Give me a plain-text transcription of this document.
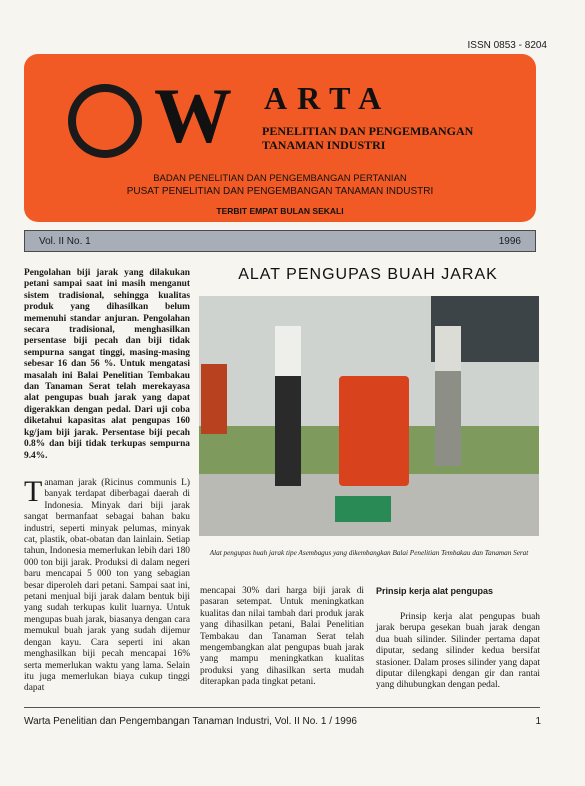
ISSN 0853 - 8204
W ARTA
PENELITIAN DAN PENGEMBANGAN
TANAMAN INDUSTRI
BADAN PENELITIAN DAN PENGEMBANGAN PERTANIAN
PUSAT PENELITIAN DAN PENGEMBANGAN TANAMAN INDUSTRI
TERBIT EMPAT BULAN SEKALI
Vol. II No. 1	1996
Pengolahan biji jarak yang dilakukan petani sampai saat ini masih menganut sistem tradisional, sehingga kualitas produk yang dihasilkan belum memenuhi standar anjuran. Pengolahan secara tradisional, menghasilkan persentase biji pecah dan biji tidak sempurna sangat tinggi, masing-masing sebesar 16 dan 56 %. Untuk mengatasi masalah ini Balai Penelitian Tembakau dan Tanaman Serat telah merekayasa alat pengupas buah jarak yang dapat digerakkan dengan pedal. Dari uji coba diketahui kapasitas alat pengupas 160 kg/jam biji jarak. Persentase biji pecah 0.8% dan biji tidak terkupas sempurna 9.4%.
Tanaman jarak (Ricinus communis L) banyak terdapat diberbagai daerah di Indonesia. Minyak dari biji jarak sangat bermanfaat sebagai bahan baku industri, seperti minyak pelumas, minyak cat, plastik, obat-obatan dan lainlain. Setiap tahun, Indonesia memerlukan lebih dari 180 000 ton biji jarak. Produksi di dalam negeri baru mencapai 5 000 ton yang sebagian besar diperoleh dari petani. Sampai saat ini, petani menjual biji jarak dalam bentuk biji yang sudah terkupas kulit luarnya. Untuk mengupas buah jarak, biasanya dengan cara memukul buah jarak yang sudah dijemur dengan kayu. Cara seperti ini akan menghasilkan biji pecah mencapai 16% serta memerlukan waktu yang lama. Selain itu juga memerlukan biaya cukup tinggi dapat
ALAT PENGUPAS BUAH JARAK
Alat pengupas buah jarak tipe Asembagus yang dikembangkan Balai Penelitian Tembakau dan Tanaman Serat
mencapai 30% dari harga biji jarak di pasaran setempat. Untuk meningkatkan kualitas dan nilai tambah dari produk jarak yang dihasilkan petani, Balai Penelitian Tembakau dan Tanaman Serat telah mengembangkan alat pengupas buah jarak yang mampu meningkatkan kualitas produksi yang dihasilkan serta mudah diterapkan pada tingkat petani.
Prinsip kerja alat pengupas
Prinsip kerja alat pengupas buah jarak berupa gesekan buah jarak dengan dua buah silinder. Silinder pertama dapat diputar, sedang silinder kedua bersifat stasioner. Dalam proses silinder yang dapat diputar dilengkapi dengan gir dan rantai yang dihubungkan dengan pedal.
Warta Penelitian dan Pengembangan Tanaman Industri, Vol. II No. 1 / 1996	1
